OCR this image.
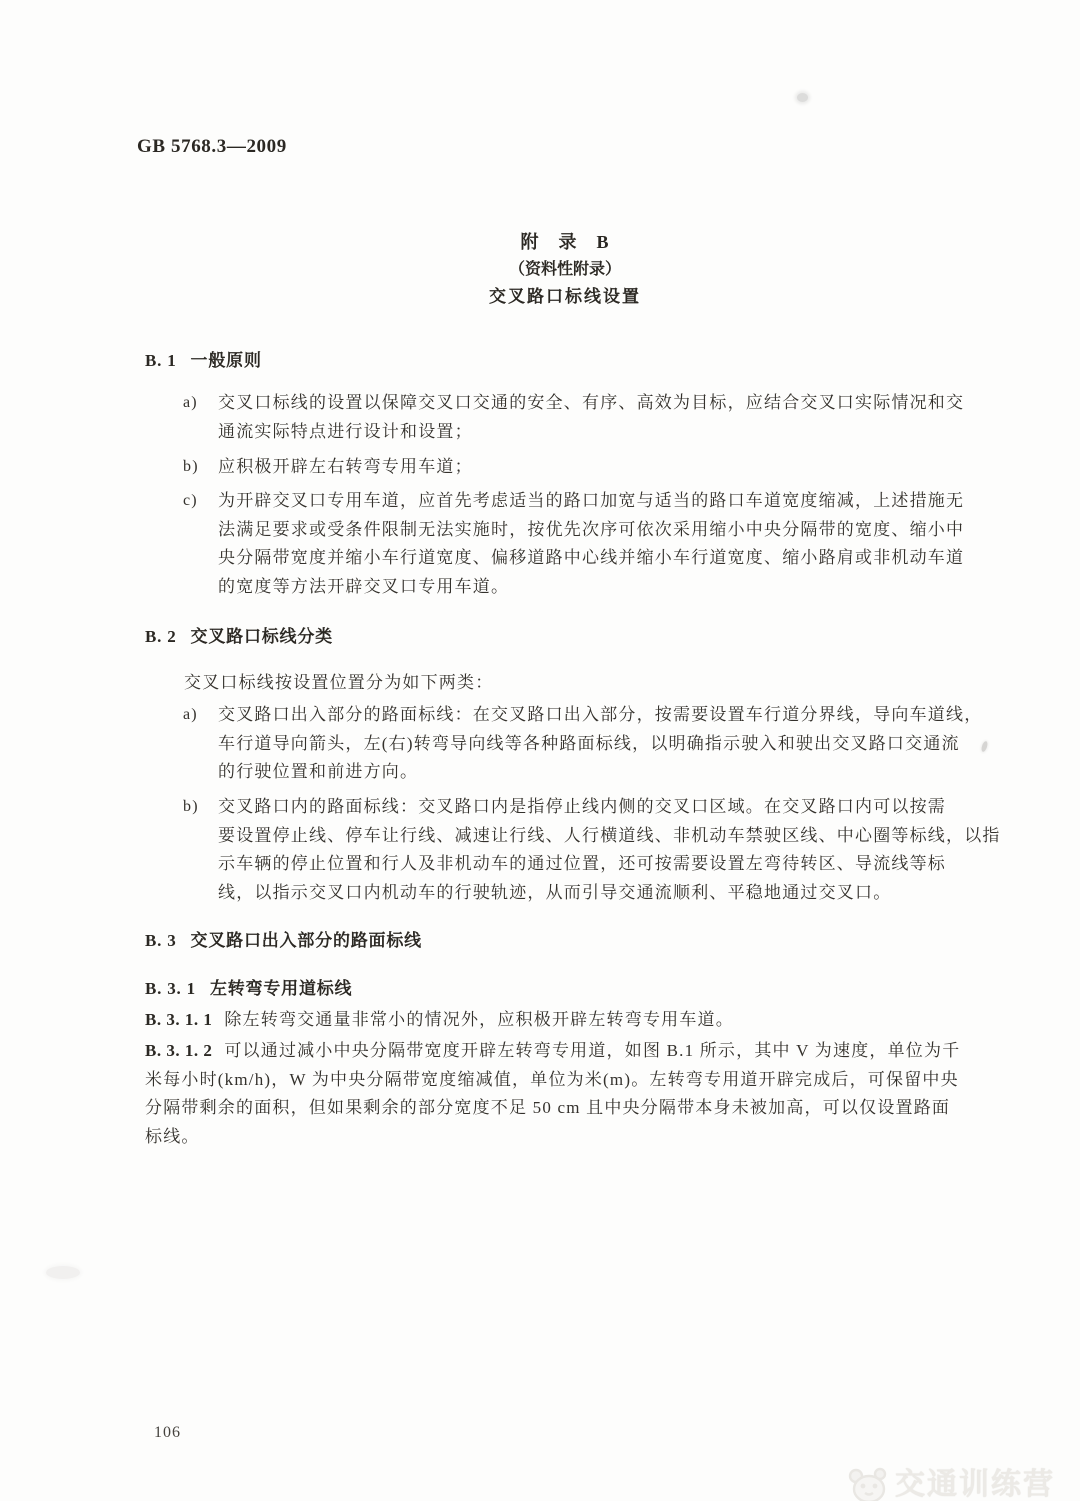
GB 5768.3—2009
附　录　B
（资料性附录）
交叉路口标线设置
B. 1 一般原则
a) 交叉口标线的设置以保障交叉口交通的安全、有序、高效为目标，应结合交叉口实际情况和交
通流实际特点进行设计和设置；
b) 应积极开辟左右转弯专用车道；
c) 为开辟交叉口专用车道，应首先考虑适当的路口加宽与适当的路口车道宽度缩减，上述措施无
法满足要求或受条件限制无法实施时，按优先次序可依次采用缩小中央分隔带的宽度、缩小中
央分隔带宽度并缩小车行道宽度、偏移道路中心线并缩小车行道宽度、缩小路肩或非机动车道
的宽度等方法开辟交叉口专用车道。
B. 2 交叉路口标线分类
交叉口标线按设置位置分为如下两类：
a) 交叉路口出入部分的路面标线：在交叉路口出入部分，按需要设置车行道分界线，导向车道线，
车行道导向箭头，左(右)转弯导向线等各种路面标线，以明确指示驶入和驶出交叉路口交通流
的行驶位置和前进方向。
b) 交叉路口内的路面标线：交叉路口内是指停止线内侧的交叉口区域。在交叉路口内可以按需
要设置停止线、停车让行线、减速让行线、人行横道线、非机动车禁驶区线、中心圈等标线，以指
示车辆的停止位置和行人及非机动车的通过位置，还可按需要设置左弯待转区、导流线等标
线，以指示交叉口内机动车的行驶轨迹，从而引导交通流顺利、平稳地通过交叉口。
B. 3 交叉路口出入部分的路面标线
B. 3. 1 左转弯专用道标线
B. 3. 1. 1 除左转弯交通量非常小的情况外，应积极开辟左转弯专用车道。
B. 3. 1. 2 可以通过减小中央分隔带宽度开辟左转弯专用道，如图 B.1 所示，其中 V 为速度，单位为千
米每小时(km/h)，W 为中央分隔带宽度缩减值，单位为米(m)。左转弯专用道开辟完成后，可保留中央
分隔带剩余的面积，但如果剩余的部分宽度不足 50 cm 且中央分隔带本身未被加高，可以仅设置路面
标线。
106
交通训练营
